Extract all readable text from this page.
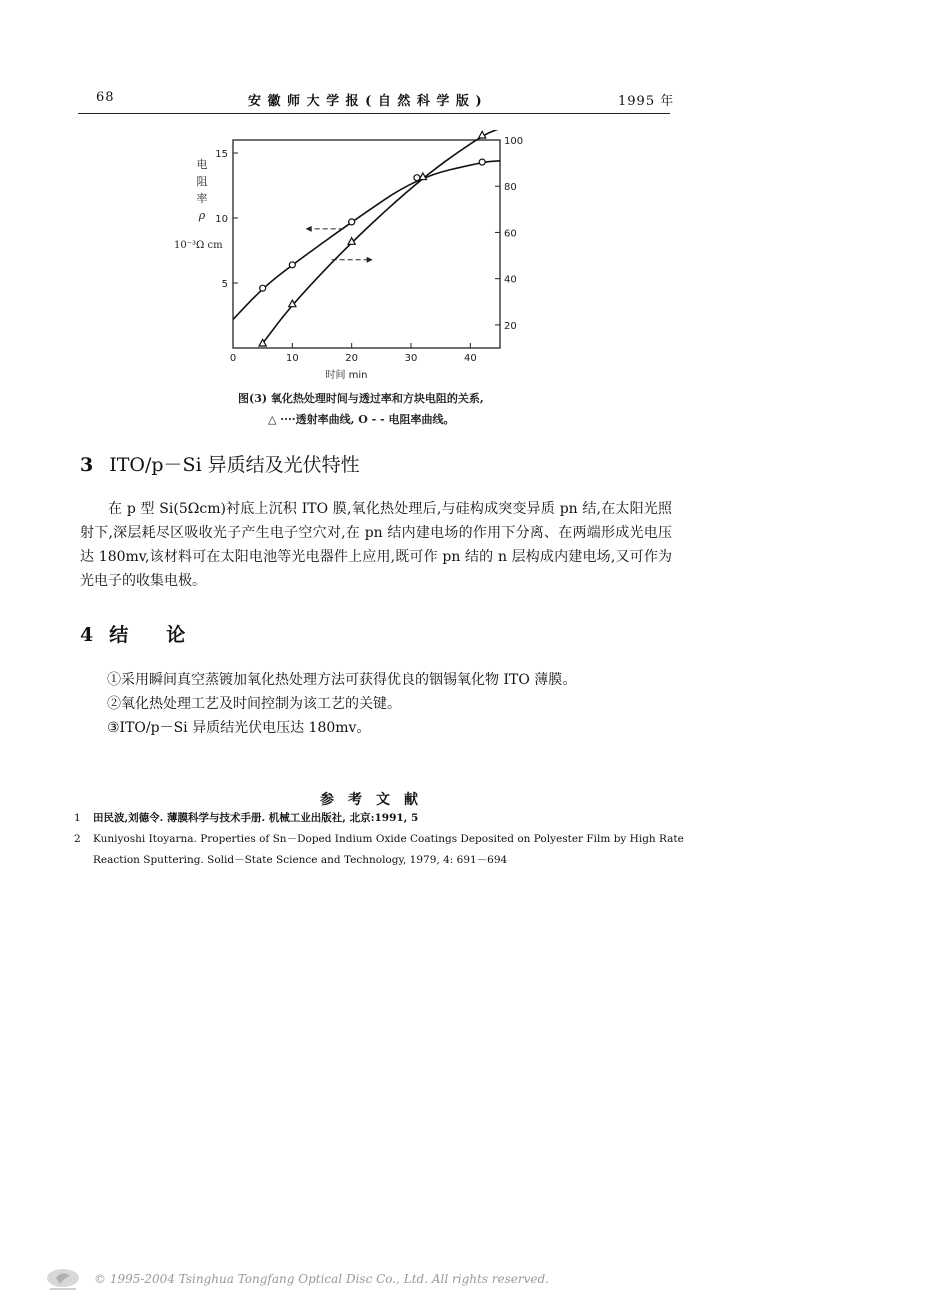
68	安 徽 师 大 学 报 ( 自 然 科 学 版 )	1995 年
0	10	20	30	40
5
10
15
20
40
60
80
100
时间 min
电
阻
率
ρ
10⁻³Ω cm
图(3) 氧化热处理时间与透过率和方块电阻的关系,
△ ····透射率曲线, O - - 电阻率曲线。
3 ITO/p－Si 异质结及光伏特性

在 p 型 Si(5Ωcm)衬底上沉积 ITO 膜,氧化热处理后,与硅构成突变异质 pn 结,在太阳光照射下,深层耗尽区吸收光子产生电子空穴对,在 pn 结内建电场的作用下分离、在两端形成光电压达 180mv,该材料可在太阳电池等光电器件上应用,既可作 pn 结的 n 层构成内建电场,又可作为光电子的收集电极。

4 结　　论
①采用瞬间真空蒸镀加氧化热处理方法可获得优良的铟锡氧化物 ITO 薄膜。
②氧化热处理工艺及时间控制为该工艺的关键。
③ITO/p－Si 异质结光伏电压达 180mv。
参　考　文　献
1 田民波,刘德令. 薄膜科学与技术手册. 机械工业出版社, 北京:1991, 5
2 Kuniyoshi Itoyarna. Properties of Sn－Doped Indium Oxide Coatings Deposited on Polyester Film by High Rate
Reaction Sputtering. Solid－State Science and Technology, 1979, 4: 691－694
© 1995-2004 Tsinghua Tongfang Optical Disc Co., Ltd. All rights reserved.
